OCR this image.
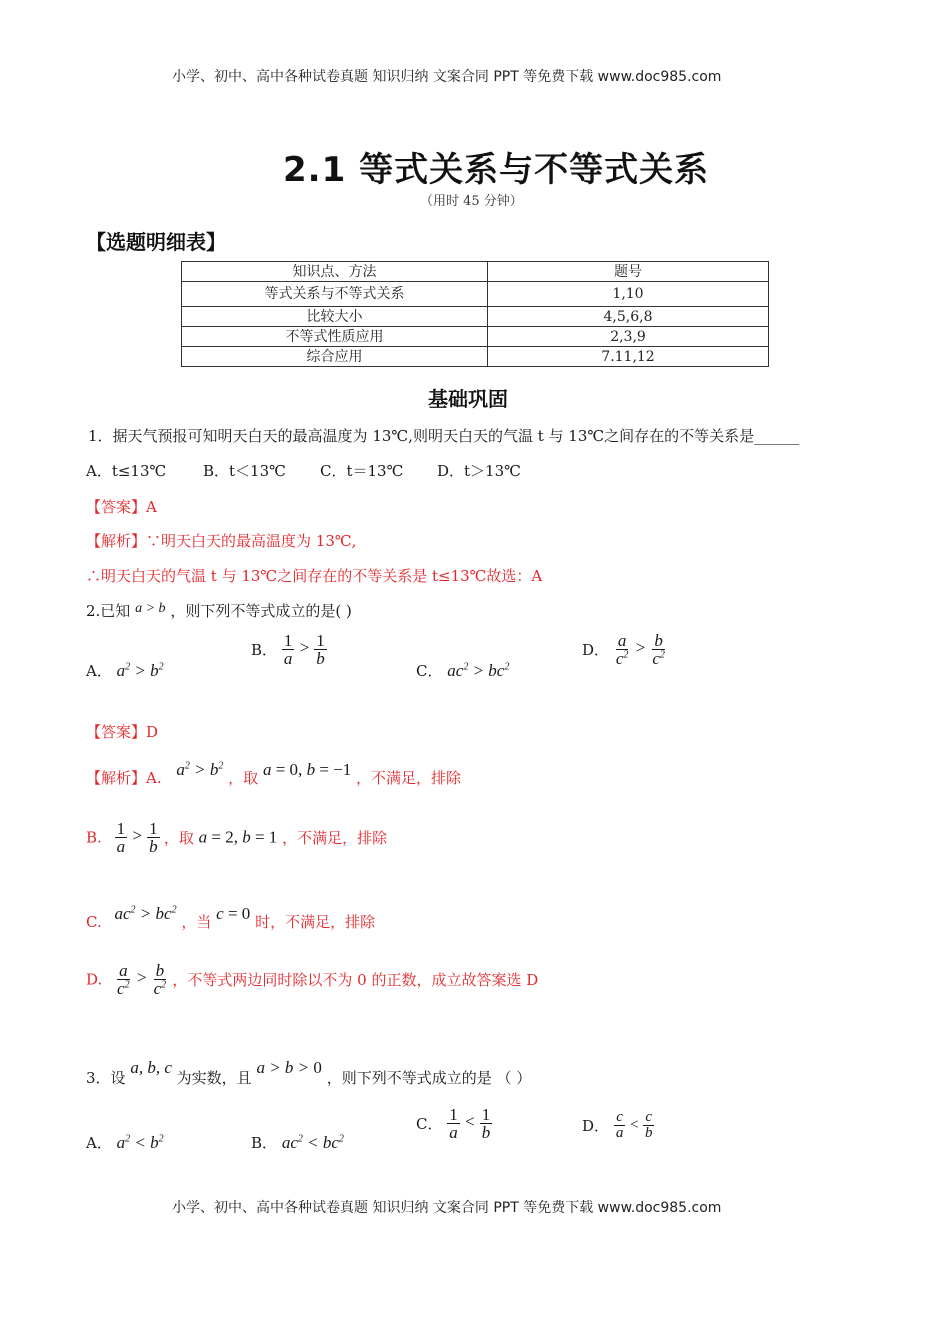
小学、初中、高中各种试卷真题 知识归纳 文案合同 PPT 等免费下载 www.doc985.com
2.1 等式关系与不等式关系
（用时 45 分钟）
【选题明细表】
知识点、方法	题号
等式关系与不等式关系	1,10
比较大小	4,5,6,8
不等式性质应用	2,3,9
综合应用	7.11,12
基础巩固
1．据天气预报可知明天白天的最高温度为 13℃,则明天白天的气温 t 与 13℃之间存在的不等关系是______
A．t≤13℃ B．t＜13℃ C．t＝13℃ D．t＞13℃
【答案】A
【解析】∵明天白天的最高温度为 13℃,
∴明天白天的气温 t 与 13℃之间存在的不等关系是 t≤13℃故选：A
2.已知 a > b ，则下列不等式成立的是( )
A． $a^2 > b^2$
B． $\frac{1}{a} > \frac{1}{b}$
C． $ac^2 > bc^2$
D． $\frac{a}{c^2} > \frac{b}{c^2}$
【答案】D
【解析】A. $a^2 > b^2$ ，取 a = 0, b = −1 ，不满足，排除
B. $\frac{1}{a} > \frac{1}{b}$ ，取 a = 2, b = 1 ，不满足，排除
C. $ac^2 > bc^2$ ，当 c = 0 时，不满足，排除
D. $\frac{a}{c^2} > \frac{b}{c^2}$ ，不等式两边同时除以不为 0 的正数，成立故答案选 D
3．设 a, b, c 为实数，且 a > b > 0 ，则下列不等式成立的是 （ ）
A． $a^2 < b^2$	B． $ac^2 < bc^2$
C． $\frac{1}{a} < \frac{1}{b}$	D． $\frac{c}{a} < \frac{c}{b}$
小学、初中、高中各种试卷真题 知识归纳 文案合同 PPT 等免费下载 www.doc985.com
